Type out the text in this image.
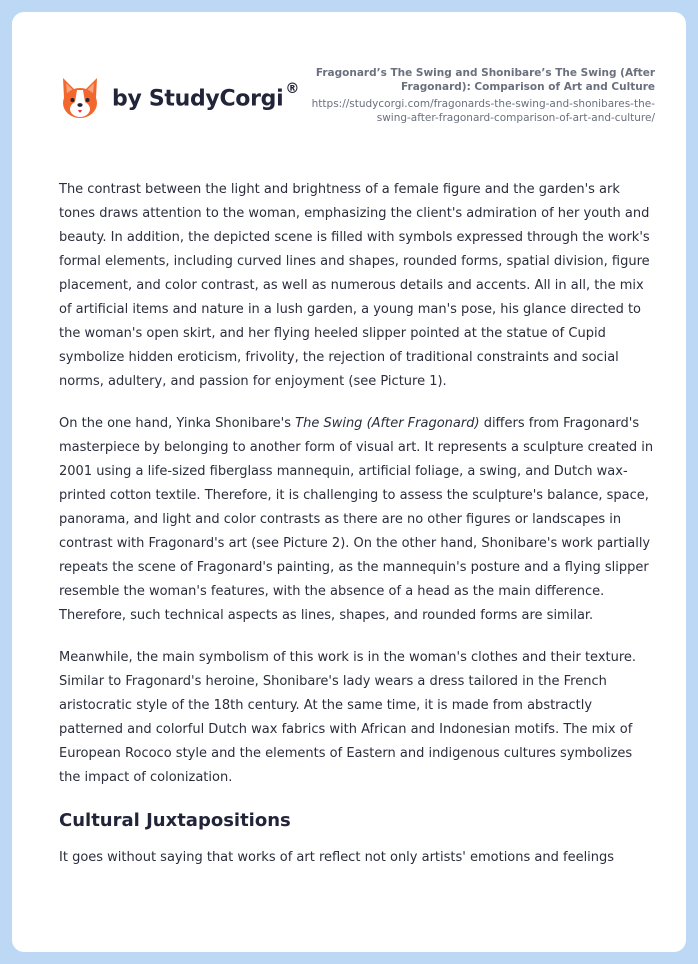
by StudyCorgi ®
Fragonard’s The Swing and Shonibare’s The Swing (After Fragonard): Comparison of Art and Culture
https://studycorgi.com/fragonards-the-swing-and-shonibares-the-swing-after-fragonard-comparison-of-art-and-culture/

The contrast between the light and brightness of a female figure and the garden's ark tones draws attention to the woman, emphasizing the client's admiration of her youth and beauty. In addition, the depicted scene is filled with symbols expressed through the work's formal elements, including curved lines and shapes, rounded forms, spatial division, figure placement, and color contrast, as well as numerous details and accents. All in all, the mix of artificial items and nature in a lush garden, a young man's pose, his glance directed to the woman's open skirt, and her flying heeled slipper pointed at the statue of Cupid symbolize hidden eroticism, frivolity, the rejection of traditional constraints and social norms, adultery, and passion for enjoyment (see Picture 1).

On the one hand, Yinka Shonibare's The Swing (After Fragonard) differs from Fragonard's masterpiece by belonging to another form of visual art. It represents a sculpture created in 2001 using a life-sized fiberglass mannequin, artificial foliage, a swing, and Dutch wax-printed cotton textile. Therefore, it is challenging to assess the sculpture's balance, space, panorama, and light and color contrasts as there are no other figures or landscapes in contrast with Fragonard's art (see Picture 2). On the other hand, Shonibare's work partially repeats the scene of Fragonard's painting, as the mannequin's posture and a flying slipper resemble the woman's features, with the absence of a head as the main difference. Therefore, such technical aspects as lines, shapes, and rounded forms are similar.

Meanwhile, the main symbolism of this work is in the woman's clothes and their texture. Similar to Fragonard's heroine, Shonibare's lady wears a dress tailored in the French aristocratic style of the 18th century. At the same time, it is made from abstractly patterned and colorful Dutch wax fabrics with African and Indonesian motifs. The mix of European Rococo style and the elements of Eastern and indigenous cultures symbolizes the impact of colonization.

Cultural Juxtapositions

It goes without saying that works of art reflect not only artists' emotions and feelings
